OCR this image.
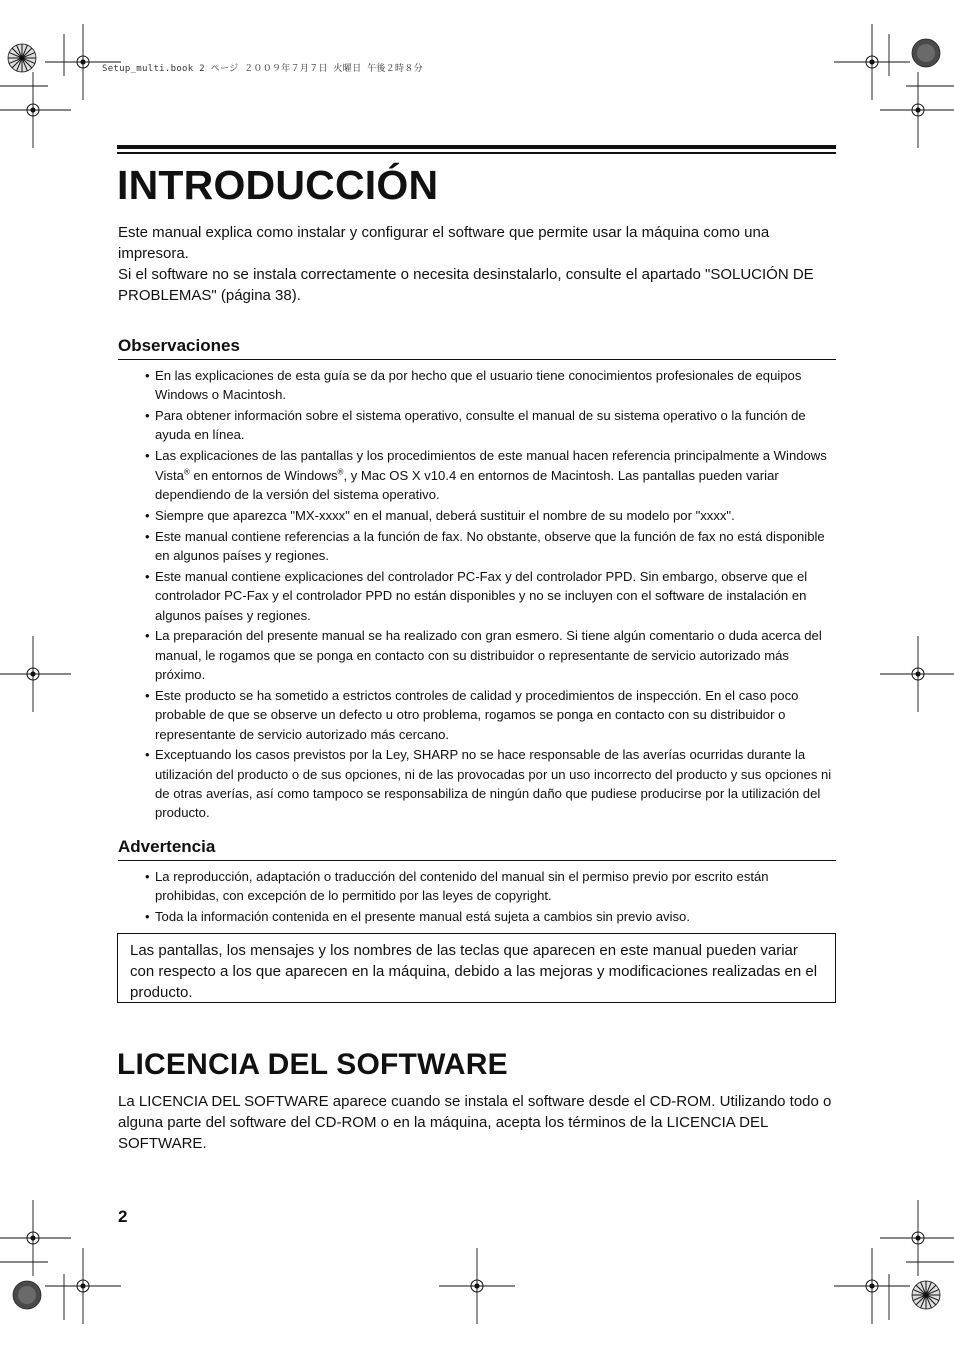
Setup_multi.book 2 ページ ２００９年７月７日 火曜日 午後２時８分
INTRODUCCIÓN

Este manual explica como instalar y configurar el software que permite usar la máquina como una impresora.

Si el software no se instala correctamente o necesita desinstalarlo, consulte el apartado "SOLUCIÓN DE PROBLEMAS" (página 38).

Observaciones
• En las explicaciones de esta guía se da por hecho que el usuario tiene conocimientos profesionales de equipos Windows o Macintosh.
• Para obtener información sobre el sistema operativo, consulte el manual de su sistema operativo o la función de ayuda en línea.
• Las explicaciones de las pantallas y los procedimientos de este manual hacen referencia principalmente a Windows Vista® en entornos de Windows®, y Mac OS X v10.4 en entornos de Macintosh. Las pantallas pueden variar dependiendo de la versión del sistema operativo.
• Siempre que aparezca "MX-xxxx" en el manual, deberá sustituir el nombre de su modelo por "xxxx".
• Este manual contiene referencias a la función de fax. No obstante, observe que la función de fax no está disponible en algunos países y regiones.
• Este manual contiene explicaciones del controlador PC-Fax y del controlador PPD. Sin embargo, observe que el controlador PC-Fax y el controlador PPD no están disponibles y no se incluyen con el software de instalación en algunos países y regiones.
• La preparación del presente manual se ha realizado con gran esmero. Si tiene algún comentario o duda acerca del manual, le rogamos que se ponga en contacto con su distribuidor o representante de servicio autorizado más próximo.
• Este producto se ha sometido a estrictos controles de calidad y procedimientos de inspección. En el caso poco probable de que se observe un defecto u otro problema, rogamos se ponga en contacto con su distribuidor o representante de servicio autorizado más cercano.
• Exceptuando los casos previstos por la Ley, SHARP no se hace responsable de las averías ocurridas durante la utilización del producto o de sus opciones, ni de las provocadas por un uso incorrecto del producto y sus opciones ni de otras averías, así como tampoco se responsabiliza de ningún daño que pudiese producirse por la utilización del producto.
Advertencia
• La reproducción, adaptación o traducción del contenido del manual sin el permiso previo por escrito están prohibidas, con excepción de lo permitido por las leyes de copyright.
• Toda la información contenida en el presente manual está sujeta a cambios sin previo aviso.
Las pantallas, los mensajes y los nombres de las teclas que aparecen en este manual pueden variar con respecto a los que aparecen en la máquina, debido a las mejoras y modificaciones realizadas en el producto.
LICENCIA DEL SOFTWARE
La LICENCIA DEL SOFTWARE aparece cuando se instala el software desde el CD-ROM. Utilizando todo o alguna parte del software del CD-ROM o en la máquina, acepta los términos de la LICENCIA DEL SOFTWARE.
2
